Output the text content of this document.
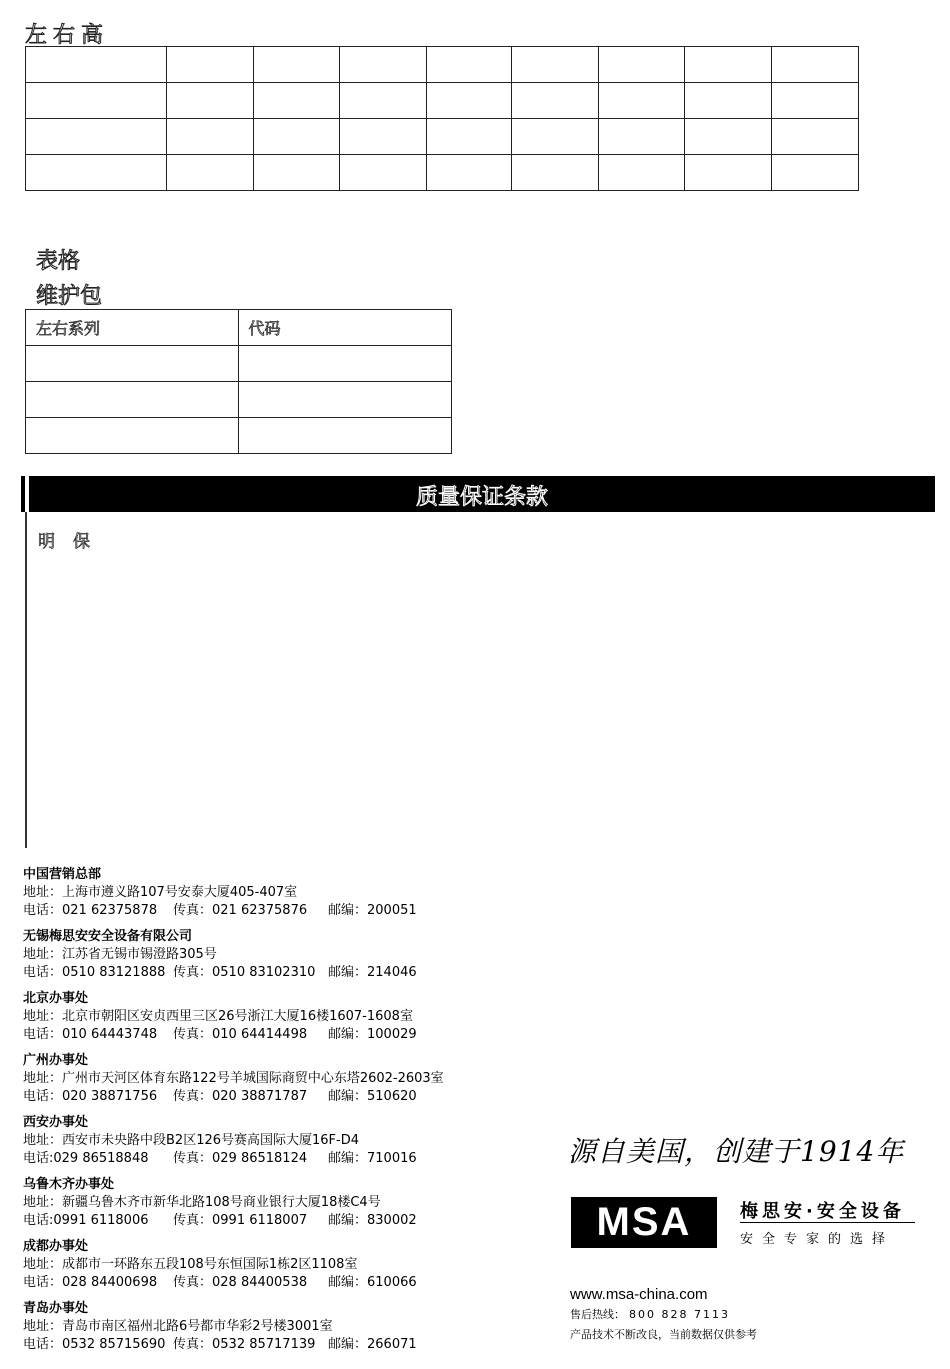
左右高

表格
维护包
左右系列	代码

质量保证条款
明保
中国营销总部
地址：上海市遵义路107号安泰大厦405-407室
电话：021 62375878 传真：021 62375876 邮编：200051
无锡梅思安安全设备有限公司
地址：江苏省无锡市锡澄路305号
电话：0510 83121888 传真：0510 83102310 邮编：214046
北京办事处
地址：北京市朝阳区安贞西里三区26号浙江大厦16楼1607-1608室
电话：010 64443748 传真：010 64414498 邮编：100029
广州办事处
地址：广州市天河区体育东路122号羊城国际商贸中心东塔2602-2603室
电话：020 38871756 传真：020 38871787 邮编：510620
西安办事处
地址：西安市未央路中段B2区126号赛高国际大厦16F-D4
电话:029 86518848 传真：029 86518124 邮编：710016
乌鲁木齐办事处
地址：新疆乌鲁木齐市新华北路108号商业银行大厦18楼C4号
电话:0991 6118006 传真：0991 6118007 邮编：830002
成都办事处
地址：成都市一环路东五段108号东恒国际1栋2区1108室
电话：028 84400698 传真：028 84400538 邮编：610066
青岛办事处
地址：青岛市南区福州北路6号都市华彩2号楼3001室
电话：0532 85715690 传真：0532 85717139 邮编：266071
源自美国，创建于1914年
MSA	梅思安·安全设备
安全专家的选择
www.msa-china.com
售后热线： 800 828 7113
产品技术不断改良，当前数据仅供参考
